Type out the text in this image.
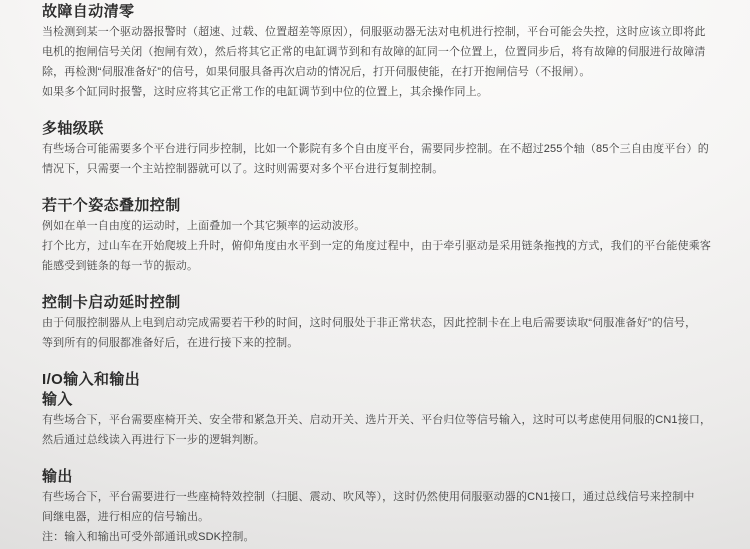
故障自动清零
当检测到某一个驱动器报警时（超速、过载、位置超差等原因），伺服驱动器无法对电机进行控制，平台可能会失控，这时应该立即将此
电机的抱闸信号关闭（抱闸有效），然后将其它正常的电缸调节到和有故障的缸同一个位置上，位置同步后，将有故障的伺服进行故障清
除，再检测“伺服准备好”的信号，如果伺服具备再次启动的情况后，打开伺服使能，在打开抱闸信号（不报闸）。
如果多个缸同时报警，这时应将其它正常工作的电缸调节到中位的位置上，其余操作同上。
多轴级联
有些场合可能需要多个平台进行同步控制，比如一个影院有多个自由度平台，需要同步控制。在不超过255个轴（85个三自由度平台）的
情况下，只需要一个主站控制器就可以了。这时则需要对多个平台进行复制控制。
若干个姿态叠加控制
例如在单一自由度的运动时，上面叠加一个其它频率的运动波形。
打个比方，过山车在开始爬坡上升时，俯仰角度由水平到一定的角度过程中，由于牵引驱动是采用链条拖拽的方式，我们的平台能使乘客
能感受到链条的每一节的振动。
控制卡启动延时控制
由于伺服控制器从上电到启动完成需要若干秒的时间，这时伺服处于非正常状态，因此控制卡在上电后需要读取“伺服准备好”的信号，
等到所有的伺服都准备好后，在进行接下来的控制。
I/O输入和输出
输入
有些场合下，平台需要座椅开关、安全带和紧急开关、启动开关、选片开关、平台归位等信号输入，这时可以考虑使用伺服的CN1接口，
然后通过总线读入再进行下一步的逻辑判断。
输出
有些场合下，平台需要进行一些座椅特效控制（扫腿、震动、吹风等），这时仍然使用伺服驱动器的CN1接口，通过总线信号来控制中
间继电器，进行相应的信号输出。
注：输入和输出可受外部通讯或SDK控制。
